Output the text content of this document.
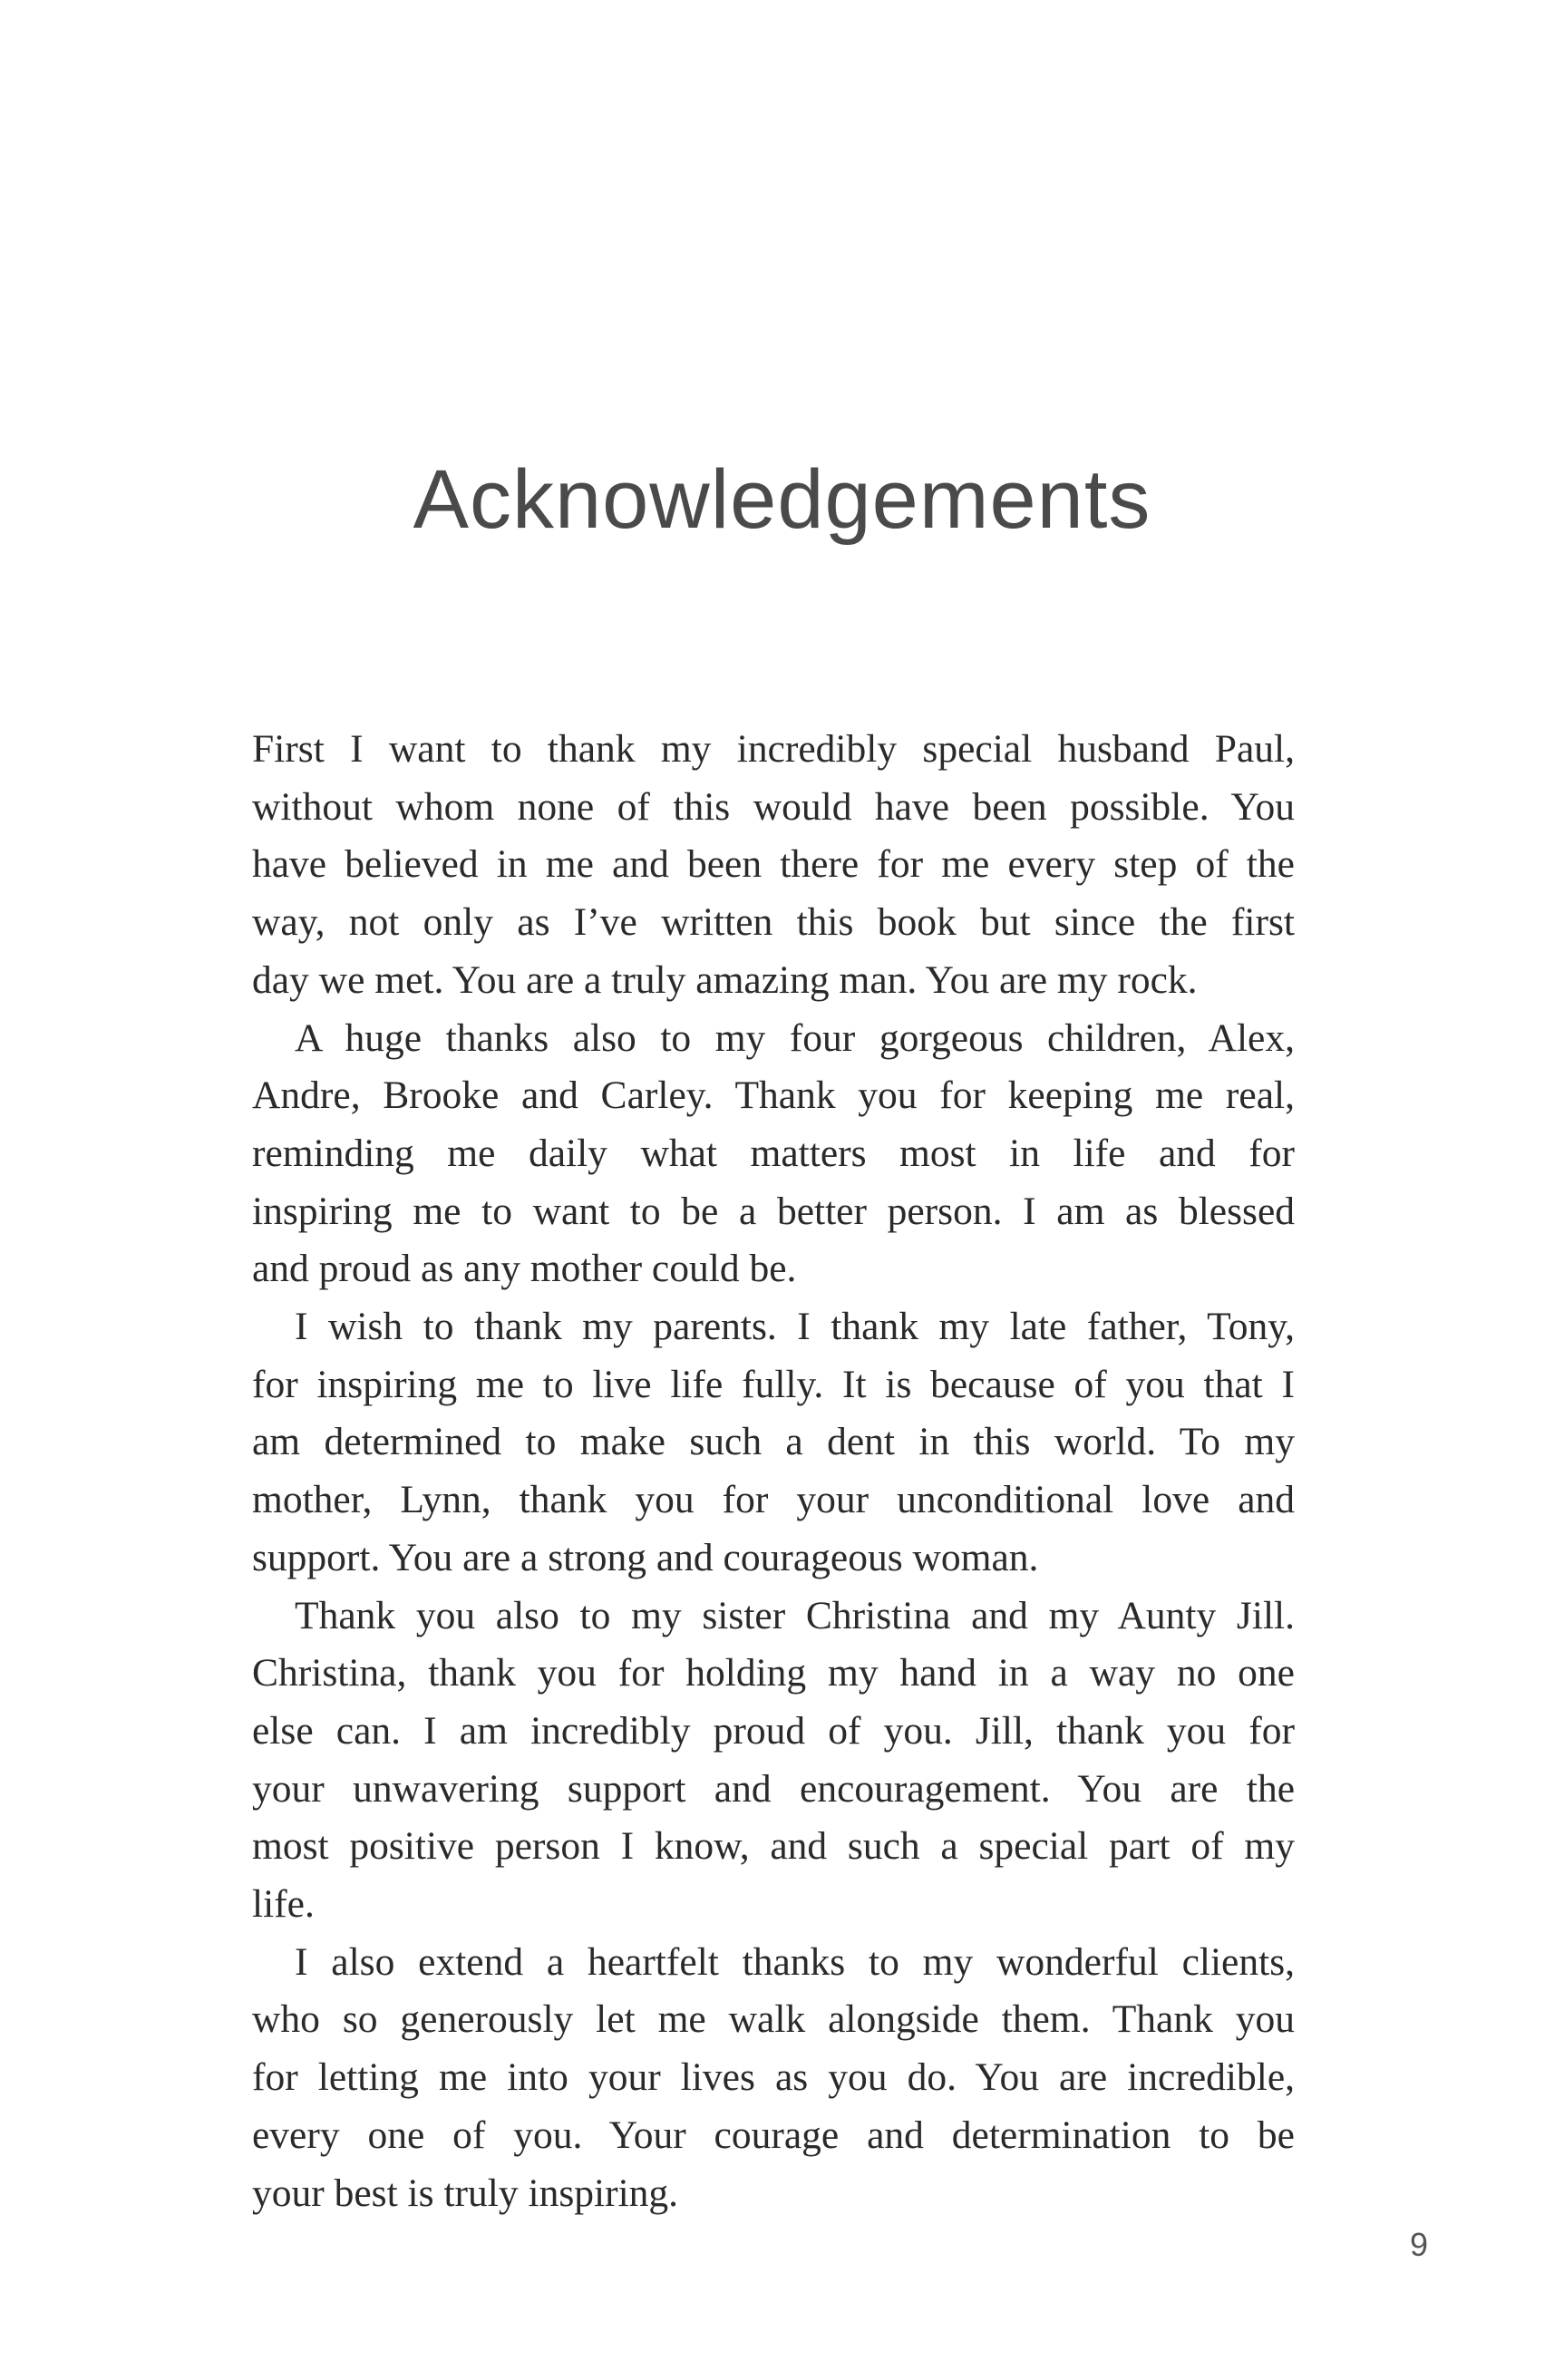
Acknowledgements
First I want to thank my incredibly special husband Paul,
without whom none of this would have been possible. You
have believed in me and been there for me every step of the
way, not only as I’ve written this book but since the first
day we met. You are a truly amazing man. You are my rock.
A huge thanks also to my four gorgeous children, Alex,
Andre, Brooke and Carley. Thank you for keeping me real,
reminding me daily what matters most in life and for
inspiring me to want to be a better person. I am as blessed
and proud as any mother could be.
I wish to thank my parents. I thank my late father, Tony,
for inspiring me to live life fully. It is because of you that I
am determined to make such a dent in this world. To my
mother, Lynn, thank you for your unconditional love and
support. You are a strong and courageous woman.
Thank you also to my sister Christina and my Aunty Jill.
Christina, thank you for holding my hand in a way no one
else can. I am incredibly proud of you. Jill, thank you for
your unwavering support and encouragement. You are the
most positive person I know, and such a special part of my
life.
I also extend a heartfelt thanks to my wonderful clients,
who so generously let me walk alongside them. Thank you
for letting me into your lives as you do. You are incredible,
every one of you. Your courage and determination to be
your best is truly inspiring.
9
